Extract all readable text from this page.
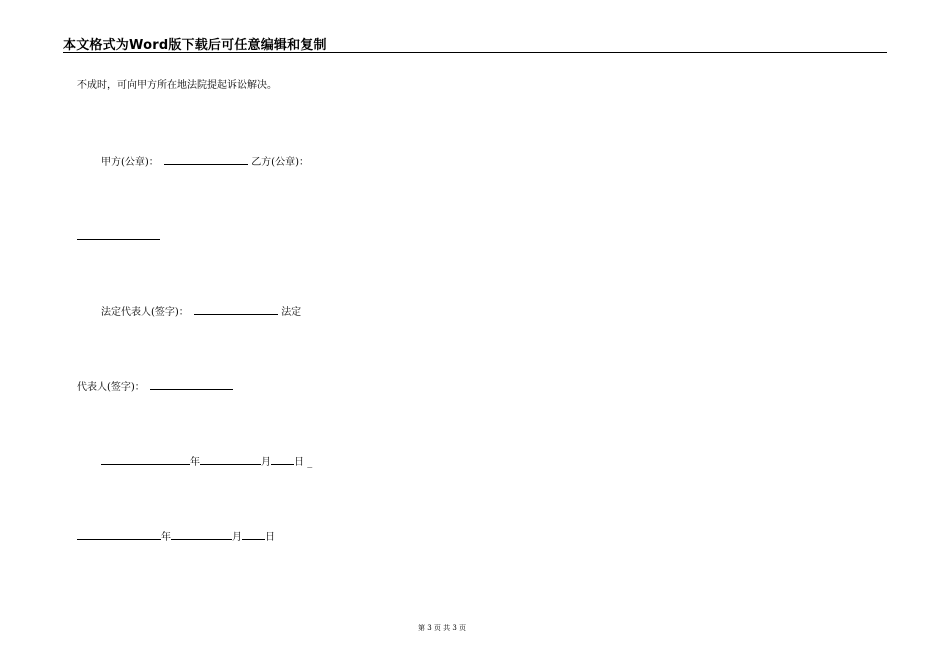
本文格式为Word版下载后可任意编辑和复制
不成时，可向甲方所在地法院提起诉讼解决。
甲方(公章)：	乙方(公章)：
法定代表人(签字)：	法定
代表人(签字)：
年	月 日 _
年	月 日
第 3 页 共 3 页
